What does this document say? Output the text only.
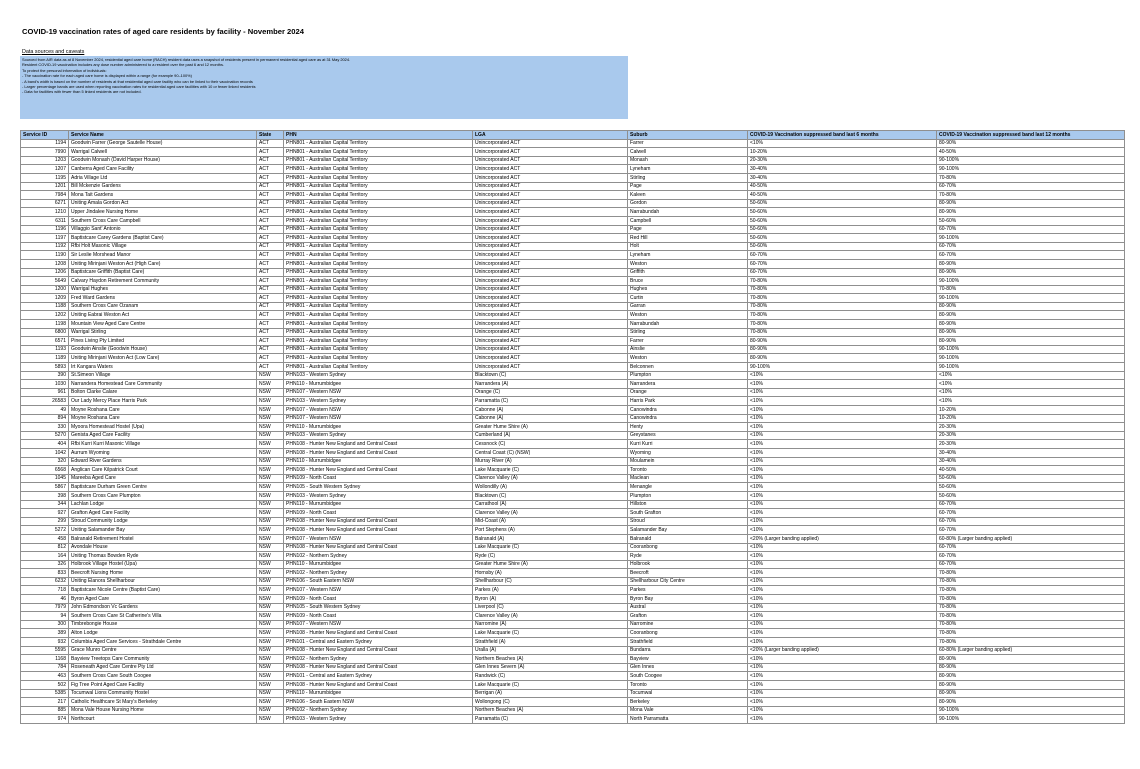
COVID-19 vaccination rates of aged care residents by facility - November 2024
Data sources and caveats
Sourced from AIR data as at 8 November 2024, residential aged care home (RACH) resident data uses a snapshot of residents present in permanent residential aged care as at 31 May 2024.
Resident COVID-19 vaccination includes any dose number administered to a resident over the past 6 and 12 months.
To protect the personal information of individuals:
- The vaccination rate for each aged care home is displayed within a range (for example 90–100%)
- A band's width is based on the number of residents at that residential aged care facility who can be linked to their vaccination records
- Larger percentage bands are used when reporting vaccination rates for residential aged care facilities with 10 or fewer linked residents
- Data for facilities with fewer than 5 linked residents are not included.
Service ID	Service Name	State	PHN	LGA	Suburb	COVID-19 Vaccination suppressed band last 6 months	COVID-19 Vaccination suppressed band last 12 months
1194	Goodwin Farrer (George Sautelle House)	ACT	PHN801 - Australian Capital Territory	Unincorporated ACT	Farrer	<10%	80-90%
7990	Warrigal Calwell	ACT	PHN801 - Australian Capital Territory	Unincorporated ACT	Calwell	10-20%	40-50%
1203	Goodwin Monash (David Harper House)	ACT	PHN801 - Australian Capital Territory	Unincorporated ACT	Monash	20-30%	90-100%
1207	Canberra Aged Care Facility	ACT	PHN801 - Australian Capital Territory	Unincorporated ACT	Lyneham	30-40%	90-100%
1195	Adria Village Ltd	ACT	PHN801 - Australian Capital Territory	Unincorporated ACT	Stirling	30-40%	70-80%
1201	Bill Mckenzie Gardens	ACT	PHN801 - Australian Capital Territory	Unincorporated ACT	Page	40-50%	60-70%
7984	Mona Tait Gardens	ACT	PHN801 - Australian Capital Territory	Unincorporated ACT	Kaleen	40-50%	70-80%
6271	Uniting Amala Gordon Act	ACT	PHN801 - Australian Capital Territory	Unincorporated ACT	Gordon	50-60%	80-90%
1210	Upper Jindalee Nursing Home	ACT	PHN801 - Australian Capital Territory	Unincorporated ACT	Narrabundah	50-60%	80-90%
6311	Southern Cross Care Campbell	ACT	PHN801 - Australian Capital Territory	Unincorporated ACT	Campbell	50-60%	50-60%
1196	Villaggio Sant' Antonio	ACT	PHN801 - Australian Capital Territory	Unincorporated ACT	Page	50-60%	60-70%
1197	Baptistcare Carey Gardens (Baptist Care)	ACT	PHN801 - Australian Capital Territory	Unincorporated ACT	Red Hill	50-60%	90-100%
1192	Rfbi Holt Masonic Village	ACT	PHN801 - Australian Capital Territory	Unincorporated ACT	Holt	50-60%	60-70%
1190	Sir Leslie Morshead Manor	ACT	PHN801 - Australian Capital Territory	Unincorporated ACT	Lyneham	60-70%	60-70%
1208	Uniting Mirinjani Weston Act (High Care)	ACT	PHN801 - Australian Capital Territory	Unincorporated ACT	Weston	60-70%	80-90%
1206	Baptistcare Griffith (Baptist Care)	ACT	PHN801 - Australian Capital Territory	Unincorporated ACT	Griffith	60-70%	80-90%
5649	Calvary Haydon Retirement Community	ACT	PHN801 - Australian Capital Territory	Unincorporated ACT	Bruce	70-80%	90-100%
1200	Warrigal Hughes	ACT	PHN801 - Australian Capital Territory	Unincorporated ACT	Hughes	70-80%	70-80%
1209	Fred Ward Gardens	ACT	PHN801 - Australian Capital Territory	Unincorporated ACT	Curtin	70-80%	90-100%
1188	Southern Cross Care Ozanam	ACT	PHN801 - Australian Capital Territory	Unincorporated ACT	Garran	70-80%	80-90%
1202	Uniting Eabrai Weston Act	ACT	PHN801 - Australian Capital Territory	Unincorporated ACT	Weston	70-80%	80-90%
1198	Mountain View Aged Care Centre	ACT	PHN801 - Australian Capital Territory	Unincorporated ACT	Narrabundah	70-80%	80-90%
6800	Warrigal Stirling	ACT	PHN801 - Australian Capital Territory	Unincorporated ACT	Stirling	70-80%	80-90%
6571	Pines Living Pty Limited	ACT	PHN801 - Australian Capital Territory	Unincorporated ACT	Farrer	80-90%	80-90%
1193	Goodwin Ainslie (Goodwin House)	ACT	PHN801 - Australian Capital Territory	Unincorporated ACT	Ainslie	80-90%	90-100%
1189	Uniting Mirinjani Weston Act (Low Care)	ACT	PHN801 - Australian Capital Territory	Unincorporated ACT	Weston	80-90%	90-100%
5893	Irt Kangara Waters	ACT	PHN801 - Australian Capital Territory	Unincorporated ACT	Belconnen	90-100%	90-100%
390	St.Simeon Village	NSW	PHN103 - Western Sydney	Blacktown (C)	Plumpton	<10%	<10%
1030	Narrandera Homestead Care Community	NSW	PHN110 - Murrumbidgee	Narrandera (A)	Narrandera	<10%	<10%
961	Bolton Clarke Calare	NSW	PHN107 - Western NSW	Orange (C)	Orange	<10%	<10%
26583	Our Lady Mercy Place Harris Park	NSW	PHN103 - Western Sydney	Parramatta (C)	Harris Park	<10%	<10%
49	Moyne Roshana Care	NSW	PHN107 - Western NSW	Cabonne (A)	Canowindra	<10%	10-20%
894	Moyne Roshana Care	NSW	PHN107 - Western NSW	Cabonne (A)	Canowindra	<10%	10-20%
330	Myoora Homestead Hostel (Upa)	NSW	PHN110 - Murrumbidgee	Greater Hume Shire (A)	Henty	<10%	20-30%
5270	Genista Aged Care Facility	NSW	PHN103 - Western Sydney	Cumberland (A)	Greystanes	<10%	20-30%
404	Rfbi Kurri Kurri Masonic Village	NSW	PHN108 - Hunter New England and Central Coast	Cessnock (C)	Kurri Kurri	<10%	20-30%
1042	Aurrum Wyoming	NSW	PHN108 - Hunter New England and Central Coast	Central Coast (C) (NSW)	Wyoming	<10%	30-40%
320	Edward River Gardens	NSW	PHN110 - Murrumbidgee	Murray River (A)	Moulamein	<10%	30-40%
6568	Anglican Care Kilpatrick Court	NSW	PHN108 - Hunter New England and Central Coast	Lake Macquarie (C)	Toronto	<10%	40-50%
1045	Mareeba Aged Care	NSW	PHN109 - North Coast	Clarence Valley (A)	Maclean	<10%	50-60%
5867	Baptistcare Durham Green Centre	NSW	PHN105 - South Western Sydney	Wollondilly (A)	Menangle	<10%	50-60%
398	Southern Cross Care Plumpton	NSW	PHN103 - Western Sydney	Blacktown (C)	Plumpton	<10%	50-60%
344	Lachlan Lodge	NSW	PHN110 - Murrumbidgee	Carrathool (A)	Hillston	<10%	60-70%
927	Grafton Aged Care Facility	NSW	PHN109 - North Coast	Clarence Valley (A)	South Grafton	<10%	60-70%
299	Stroud Community Lodge	NSW	PHN108 - Hunter New England and Central Coast	Mid-Coast (A)	Stroud	<10%	60-70%
5272	Uniting Salamander Bay	NSW	PHN108 - Hunter New England and Central Coast	Port Stephens (A)	Salamander Bay	<10%	60-70%
458	Balranald Retirement Hostel	NSW	PHN107 - Western NSW	Balranald (A)	Balranald	<20% (Larger banding applied)	60-80% (Larger banding applied)
812	Avondale House	NSW	PHN108 - Hunter New England and Central Coast	Lake Macquarie (C)	Cooranbong	<10%	60-70%
164	Uniting Thomas Bowden Ryde	NSW	PHN102 - Northern Sydney	Ryde (C)	Ryde	<10%	60-70%
326	Holbrook Village Hostel (Upa)	NSW	PHN110 - Murrumbidgee	Greater Hume Shire (A)	Holbrook	<10%	60-70%
833	Beecroft Nursing Home	NSW	PHN102 - Northern Sydney	Hornsby (A)	Beecroft	<10%	70-80%
6232	Uniting Elanora Shellharbour	NSW	PHN106 - South Eastern NSW	Shellharbour (C)	Shellharbour City Centre	<10%	70-80%
718	Baptistcare Nicole Centre (Baptist Care)	NSW	PHN107 - Western NSW	Parkes (A)	Parkes	<10%	70-80%
46	Byron Aged Care	NSW	PHN109 - North Coast	Byron (A)	Byron Bay	<10%	70-80%
7979	John Edmondson Vc Gardens	NSW	PHN105 - South Western Sydney	Liverpool (C)	Austral	<10%	70-80%
94	Southern Cross Care St Catherine's Villa	NSW	PHN109 - North Coast	Clarence Valley (A)	Grafton	<10%	70-80%
300	Timbrebongie House	NSW	PHN107 - Western NSW	Narromine (A)	Narromine	<10%	70-80%
389	Alton Lodge	NSW	PHN108 - Hunter New England and Central Coast	Lake Macquarie (C)	Cooranbong	<10%	70-80%
932	Columbia Aged Care Services - Strathdale Centre	NSW	PHN101 - Central and Eastern Sydney	Strathfield (A)	Strathfield	<10%	70-80%
5595	Grace Munro Centre	NSW	PHN108 - Hunter New England and Central Coast	Uralla (A)	Bundarra	<20% (Larger banding applied)	60-80% (Larger banding applied)
1168	Bayview Treetops Care Community	NSW	PHN102 - Northern Sydney	Northern Beaches (A)	Bayview	<10%	80-90%
784	Roseneath Aged Care Centre Pty Ltd	NSW	PHN108 - Hunter New England and Central Coast	Glen Innes Severn (A)	Glen Innes	<10%	80-90%
463	Southern Cross Care South Coogee	NSW	PHN101 - Central and Eastern Sydney	Randwick (C)	South Coogee	<10%	80-90%
502	Fig Tree Point Aged Care Facility	NSW	PHN108 - Hunter New England and Central Coast	Lake Macquarie (C)	Toronto	<10%	80-90%
5385	Tocumwal Lions Community Hostel	NSW	PHN110 - Murrumbidgee	Berrigan (A)	Tocumwal	<10%	80-90%
217	Catholic Healthcare St Mary's Berkeley	NSW	PHN106 - South Eastern NSW	Wollongong (C)	Berkeley	<10%	80-90%
885	Mona Vale House Nursing Home	NSW	PHN102 - Northern Sydney	Northern Beaches (A)	Mona Vale	<10%	90-100%
974	Northcourt	NSW	PHN103 - Western Sydney	Parramatta (C)	North Parramatta	<10%	90-100%
